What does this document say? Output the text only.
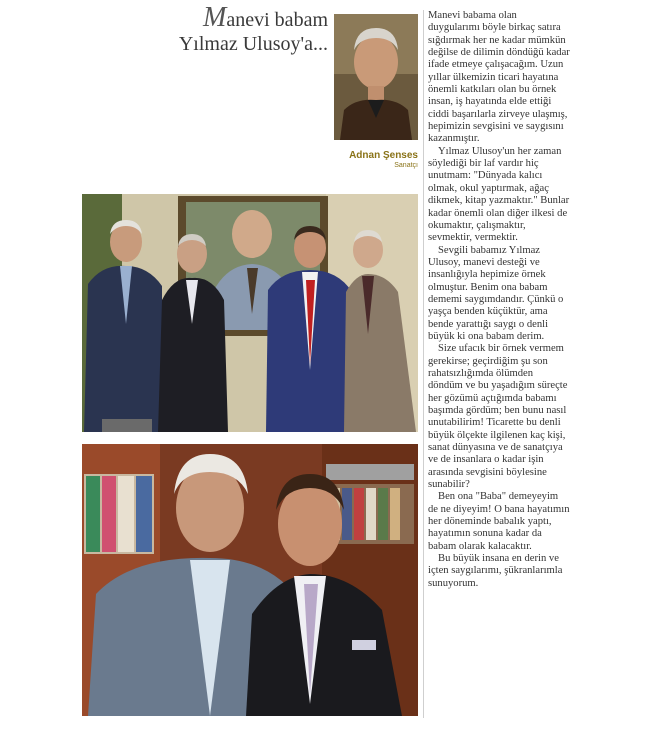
Manevi babam
Yılmaz Ulusoy'a...
Adnan Şenses
Sanatçı

Manevi babama olan duygularımı böyle birkaç satıra sığdırmak her ne kadar mümkün değilse de dilimin döndüğü kadar ifade etmeye çalışacağım. Uzun yıllar ülkemizin ticari hayatına önemli katkıları olan bu örnek insan, iş hayatında elde ettiği ciddi başarılarla zirveye ulaşmış, hepimizin sevgisini ve saygısını kazanmıştır.

Yılmaz Ulusoy'un her zaman söylediği bir laf vardır hiç unutmam: "Dünyada kalıcı olmak, okul yaptırmak, ağaç dikmek, kitap yazmaktır." Bunlar kadar önemli olan diğer ilkesi de okumaktır, çalışmaktır, sevmektir, vermektir.

Sevgili babamız Yılmaz Ulusoy, manevi desteği ve insanlığıyla hepimize örnek olmuştur. Benim ona babam dememi saygımdandır. Çünkü o yaşça benden küçüktür, ama bende yarattığı saygı o denli büyük ki ona babam derim.

Size ufacık bir örnek vermem gerekirse; geçirdiğim şu son rahatsızlığımda ölümden döndüm ve bu yaşadığım süreçte her gözümü açtığımda babamı başımda gördüm; ben bunu nasıl unutabilirim! Ticarette bu denli büyük ölçekte ilgilenen kaç kişi, sanat dünyasına ve de sanatçıya ve de insanlara o kadar işin arasında sevgisini böylesine sunabilir?

Ben ona "Baba" demeyeyim de ne diyeyim! O bana hayatımın her döneminde babalık yaptı, hayatımın sonuna kadar da babam olarak kalacaktır.

Bu büyük insana en derin ve içten saygılarımı, şükranlarımla sunuyorum.
